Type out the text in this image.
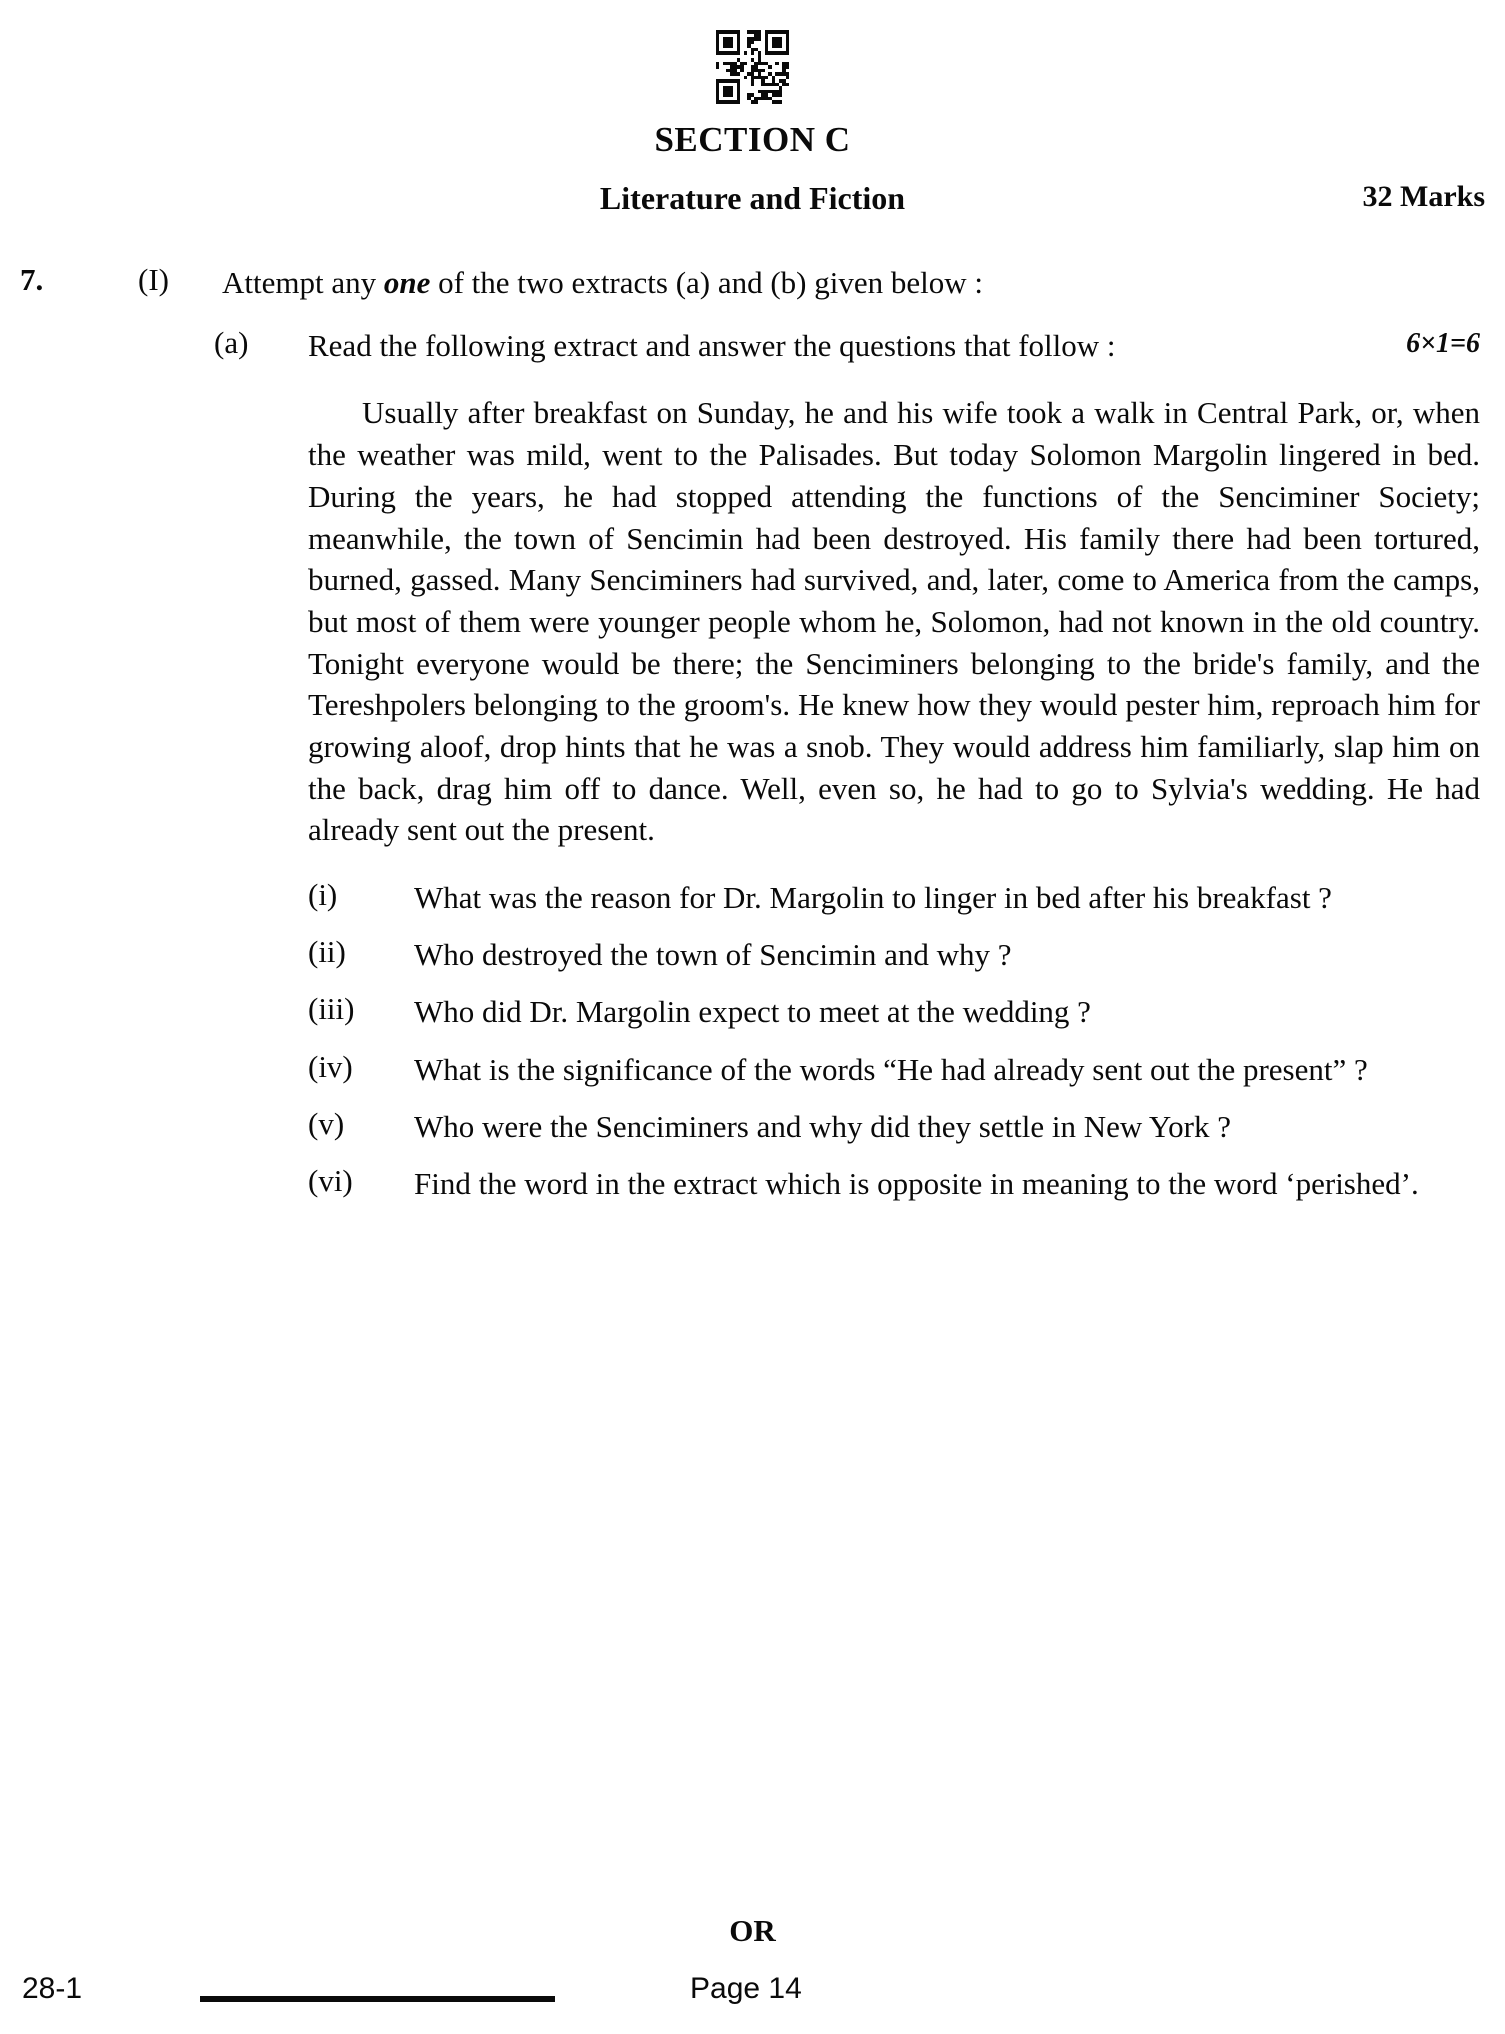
SECTION C
Literature and Fiction	32 Marks
7.	(I) Attempt any one of the two extracts (a) and (b) given below :
(a)	6×1=6
Read the following extract and answer the questions that follow :
Usually after breakfast on Sunday, he and his wife took a walk in Central Park, or, when the weather was mild, went to the Palisades. But today Solomon Margolin lingered in bed. During the years, he had stopped attending the functions of the Senciminer Society; meanwhile, the town of Sencimin had been destroyed. His family there had been tortured, burned, gassed. Many Senciminers had survived, and, later, come to America from the camps, but most of them were younger people whom he, Solomon, had not known in the old country. Tonight everyone would be there; the Senciminers belonging to the bride's family, and the Tereshpolers belonging to the groom's. He knew how they would pester him, reproach him for growing aloof, drop hints that he was a snob. They would address him familiarly, slap him on the back, drag him off to dance. Well, even so, he had to go to Sylvia's wedding. He had already sent out the present.
(i)	What was the reason for Dr. Margolin to linger in bed after his breakfast ?
(ii)	Who destroyed the town of Sencimin and why ?
(iii)	Who did Dr. Margolin expect to meet at the wedding ?
(iv)	What is the significance of the words “He had already sent out the present” ?
(v)	Who were the Senciminers and why did they settle in New York ?
(vi)	Find the word in the extract which is opposite in meaning to the word ‘perished’.
OR
28-1	Page 14
